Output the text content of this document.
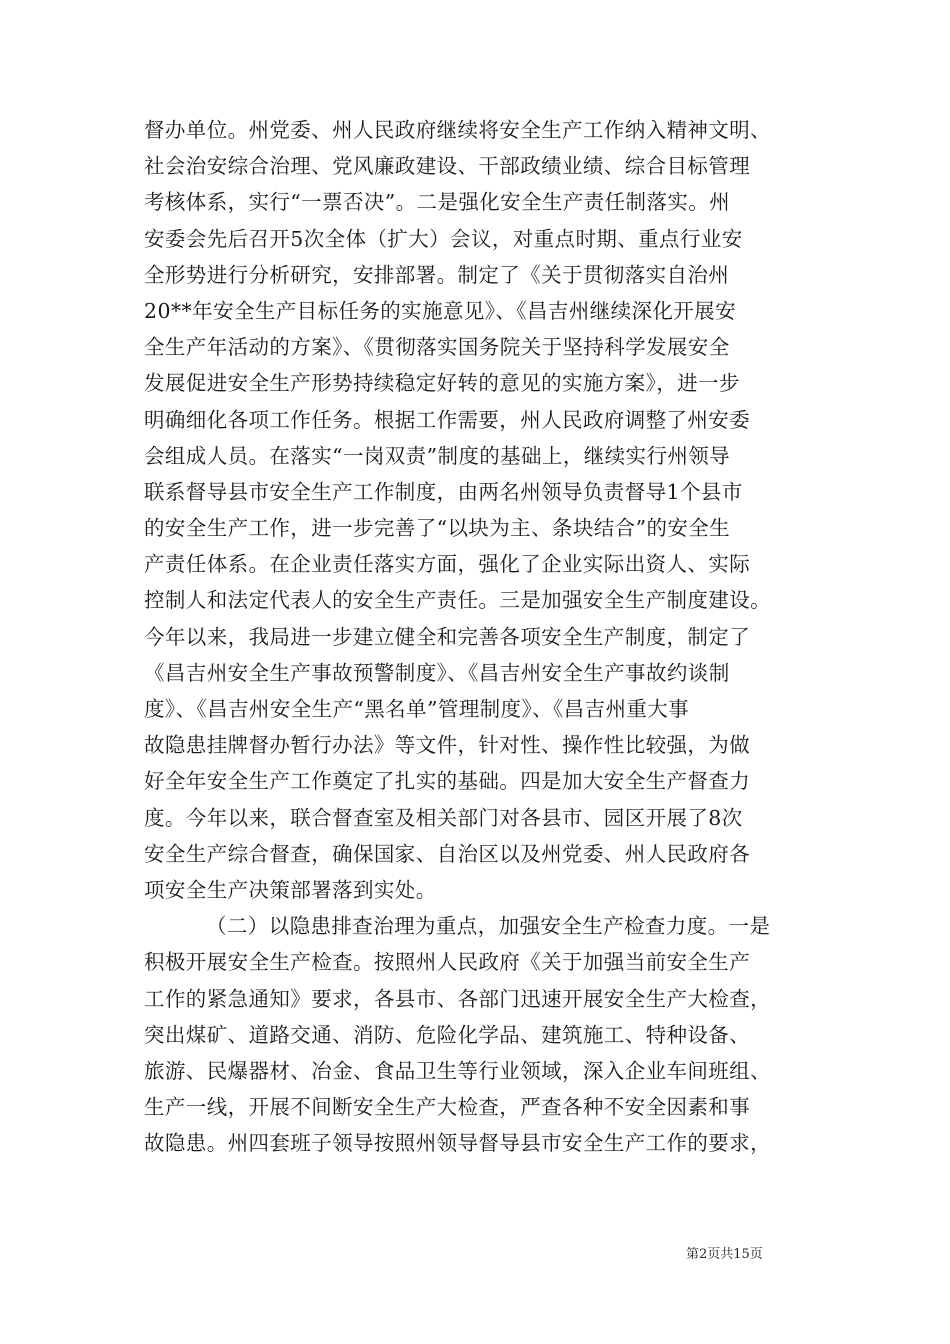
督办单位。州党委、州人民政府继续将安全生产工作纳入精神文明、
社会治安综合治理、党风廉政建设、干部政绩业绩、综合目标管理
考核体系，实行“一票否决”。二是强化安全生产责任制落实。州
安委会先后召开5次全体（扩大）会议，对重点时期、重点行业安
全形势进行分析研究，安排部署。制定了《关于贯彻落实自治州
20**年安全生产目标任务的实施意见》、《昌吉州继续深化开展安
全生产年活动的方案》、《贯彻落实国务院关于坚持科学发展安全
发展促进安全生产形势持续稳定好转的意见的实施方案》，进一步
明确细化各项工作任务。根据工作需要，州人民政府调整了州安委
会组成人员。在落实“一岗双责”制度的基础上，继续实行州领导
联系督导县市安全生产工作制度，由两名州领导负责督导1个县市
的安全生产工作，进一步完善了“以块为主、条块结合”的安全生
产责任体系。在企业责任落实方面，强化了企业实际出资人、实际
控制人和法定代表人的安全生产责任。三是加强安全生产制度建设。
今年以来，我局进一步建立健全和完善各项安全生产制度，制定了
《昌吉州安全生产事故预警制度》、《昌吉州安全生产事故约谈制
度》、《昌吉州安全生产“黑名单”管理制度》、《昌吉州重大事
故隐患挂牌督办暂行办法》等文件，针对性、操作性比较强，为做
好全年安全生产工作奠定了扎实的基础。四是加大安全生产督查力
度。今年以来，联合督查室及相关部门对各县市、园区开展了8次
安全生产综合督查，确保国家、自治区以及州党委、州人民政府各
项安全生产决策部署落到实处。
（二）以隐患排查治理为重点，加强安全生产检查力度。一是
积极开展安全生产检查。按照州人民政府《关于加强当前安全生产
工作的紧急通知》要求，各县市、各部门迅速开展安全生产大检查，
突出煤矿、道路交通、消防、危险化学品、建筑施工、特种设备、
旅游、民爆器材、冶金、食品卫生等行业领域，深入企业车间班组、
生产一线，开展不间断安全生产大检查，严查各种不安全因素和事
故隐患。州四套班子领导按照州领导督导县市安全生产工作的要求，
第2页共15页
